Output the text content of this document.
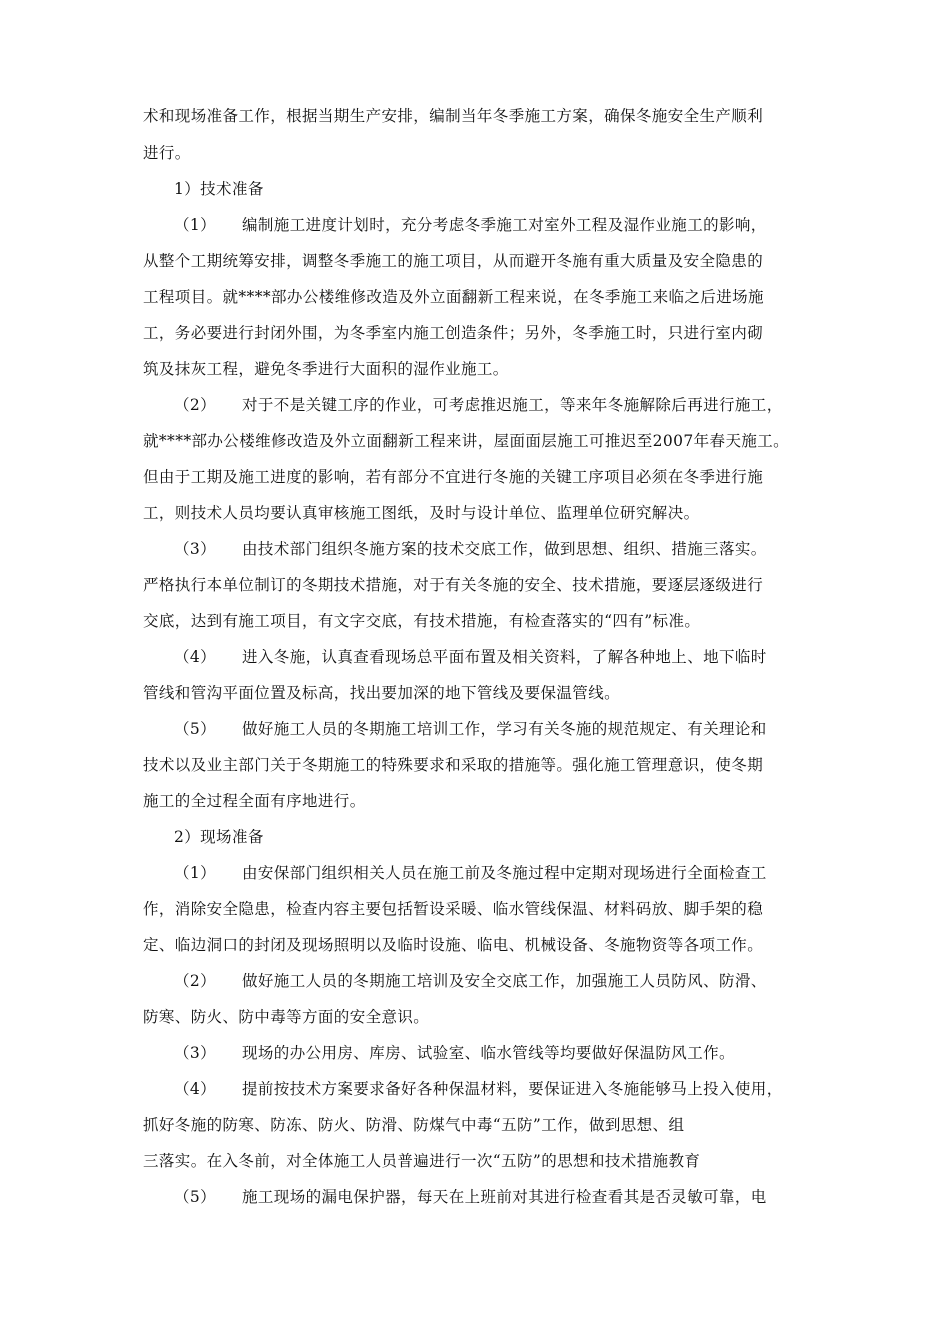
术和现场准备工作，根据当期生产安排，编制当年冬季施工方案，确保冬施安全生产顺利
进行。
1）技术准备
（1） 编制施工进度计划时，充分考虑冬季施工对室外工程及湿作业施工的影响，
从整个工期统筹安排，调整冬季施工的施工项目，从而避开冬施有重大质量及安全隐患的
工程项目。就****部办公楼维修改造及外立面翻新工程来说，在冬季施工来临之后进场施
工，务必要进行封闭外围，为冬季室内施工创造条件；另外，冬季施工时，只进行室内砌
筑及抹灰工程，避免冬季进行大面积的湿作业施工。
（2） 对于不是关键工序的作业，可考虑推迟施工，等来年冬施解除后再进行施工，
就****部办公楼维修改造及外立面翻新工程来讲，屋面面层施工可推迟至2007年春天施工。
但由于工期及施工进度的影响，若有部分不宜进行冬施的关键工序项目必须在冬季进行施
工，则技术人员均要认真审核施工图纸，及时与设计单位、监理单位研究解决。
（3） 由技术部门组织冬施方案的技术交底工作，做到思想、组织、措施三落实。
严格执行本单位制订的冬期技术措施，对于有关冬施的安全、技术措施，要逐层逐级进行
交底，达到有施工项目，有文字交底，有技术措施，有检查落实的“四有”标准。
（4） 进入冬施，认真查看现场总平面布置及相关资料，了解各种地上、地下临时
管线和管沟平面位置及标高，找出要加深的地下管线及要保温管线。
（5） 做好施工人员的冬期施工培训工作，学习有关冬施的规范规定、有关理论和
技术以及业主部门关于冬期施工的特殊要求和采取的措施等。强化施工管理意识，使冬期
施工的全过程全面有序地进行。
2）现场准备
（1） 由安保部门组织相关人员在施工前及冬施过程中定期对现场进行全面检查工
作，消除安全隐患，检查内容主要包括暂设采暖、临水管线保温、材料码放、脚手架的稳
定、临边洞口的封闭及现场照明以及临时设施、临电、机械设备、冬施物资等各项工作。
（2） 做好施工人员的冬期施工培训及安全交底工作，加强施工人员防风、防滑、
防寒、防火、防中毒等方面的安全意识。
（3） 现场的办公用房、库房、试验室、临水管线等均要做好保温防风工作。
（4） 提前按技术方案要求备好各种保温材料，要保证进入冬施能够马上投入使用，
抓好冬施的防寒、防冻、防火、防滑、防煤气中毒“五防”工作，做到思想、组
三落实。在入冬前，对全体施工人员普遍进行一次“五防”的思想和技术措施教育
（5） 施工现场的漏电保护器，每天在上班前对其进行检查看其是否灵敏可靠，电
